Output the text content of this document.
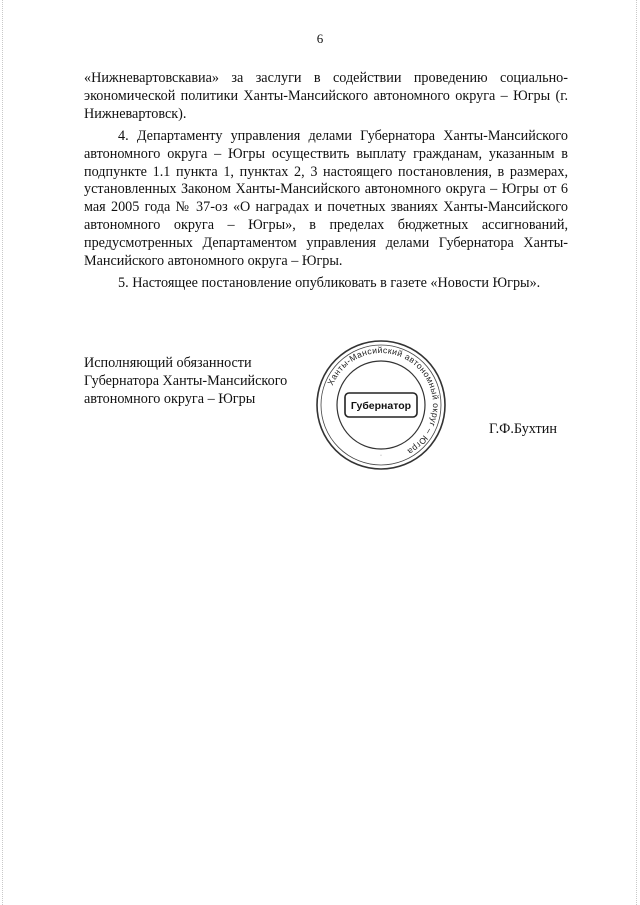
6

«Нижневартовскавиа» за заслуги в содействии проведению социально-экономической политики Ханты-Мансийского автономного округа – Югры (г. Нижневартовск).

4. Департаменту управления делами Губернатора Ханты-Мансийского автономного округа – Югры осуществить выплату гражданам, указанным в подпункте 1.1 пункта 1, пунктах 2, 3 настоящего постановления, в размерах, установленных Законом Ханты-Мансийского автономного округа – Югры от 6 мая 2005 года № 37-оз «О наградах и почетных званиях Ханты-Мансийского автономного округа – Югры», в пределах бюджетных ассигнований, предусмотренных Департаментом управления делами Губернатора Ханты-Мансийского автономного округа – Югры.

5. Настоящее постановление опубликовать в газете «Новости Югры».

Исполняющий обязанности
Губернатора Ханты-Мансийского
автономного округа – Югры
Ханты-Мансийский автономный округ – Югра
Губернатор
·
Г.Ф.Бухтин
